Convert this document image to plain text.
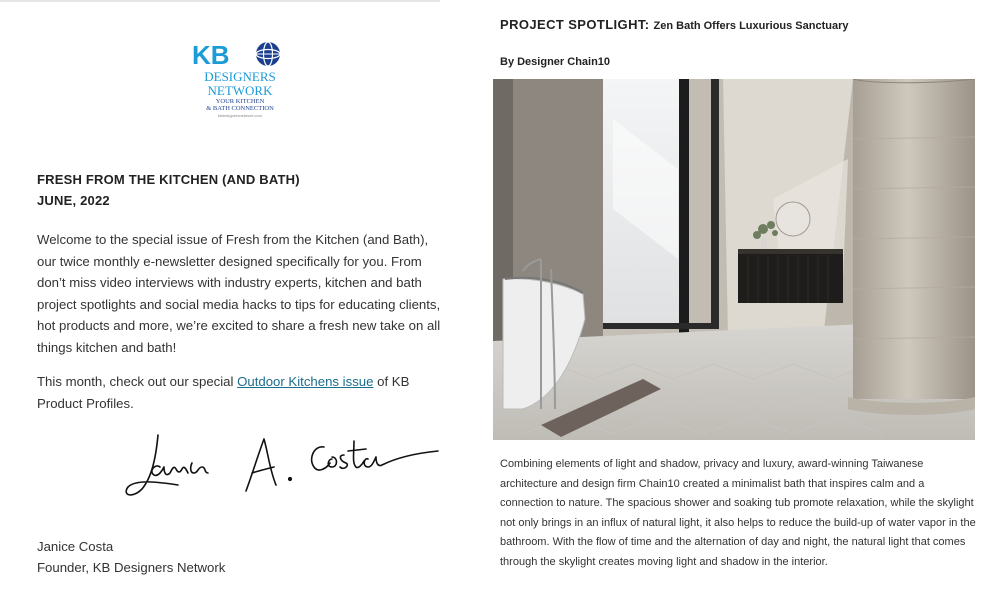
KB
DESIGNERS
NETWORK
YOUR KITCHEN
& BATH CONNECTION
kbdesignersnetwork.com
FRESH FROM THE KITCHEN (AND BATH)
JUNE, 2022

Welcome to the special issue of Fresh from the Kitchen (and Bath), our twice monthly e-newsletter designed specifically for you. From don’t miss video interviews with industry experts, kitchen and bath project spotlights and social media hacks to tips for educating clients, hot products and more, we’re excited to share a fresh new take on all things kitchen and bath!

This month, check out our special Outdoor Kitchens issue of KB Product Profiles.

Janice Costa
Founder, KB Designers Network
PROJECT SPOTLIGHT: Zen Bath Offers Luxurious Sanctuary
By Designer Chain10

Combining elements of light and shadow, privacy and luxury, award-winning Taiwanese architecture and design firm Chain10 created a minimalist bath that inspires calm and a connection to nature. The spacious shower and soaking tub promote relaxation, while the skylight not only brings in an influx of natural light, it also helps to reduce the build-up of water vapor in the bathroom. With the flow of time and the alternation of day and night, the natural light that comes through the skylight creates moving light and shadow in the interior.
